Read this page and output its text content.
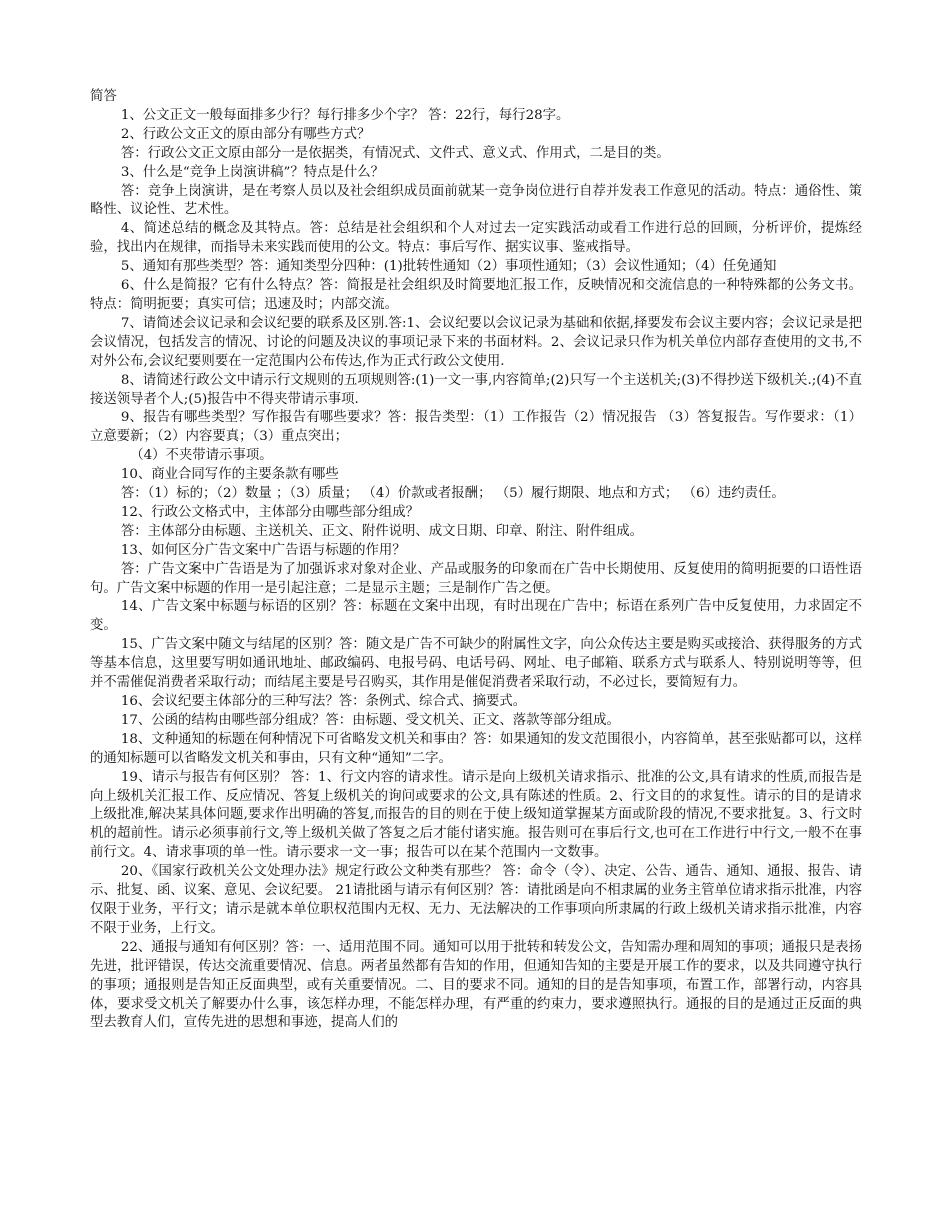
简答

1、公文正文一般每面排多少行？每行排多少个字？ 答：22行，每行28字。

2、行政公文正文的原由部分有哪些方式？

答：行政公文正文原由部分一是依据类，有情况式、文件式、意义式、作用式，二是目的类。

3、什么是“竞争上岗演讲稿”？特点是什么？

答：竞争上岗演讲，是在考察人员以及社会组织成员面前就某一竞争岗位进行自荐并发表工作意见的活动。特点：通俗性、策略性、议论性、艺术性。

4、简述总结的概念及其特点。答：总结是社会组织和个人对过去一定实践活动或看工作进行总的回顾，分析评价，提炼经验，找出内在规律，而指导未来实践而使用的公文。特点：事后写作、据实议事、鉴戒指导。

5、通知有那些类型？答：通知类型分四种：(1)批转性通知（2）事项性通知；（3）会议性通知；（4）任免通知

6、什么是简报？它有什么特点？答：简报是社会组织及时简要地汇报工作，反映情况和交流信息的一种特殊都的公务文书。特点：简明扼要；真实可信；迅速及时；内部交流。

7、请简述会议记录和会议纪要的联系及区别.答:1、会议纪要以会议记录为基础和依据,择要发布会议主要内容；会议记录是把会议情况，包括发言的情况、讨论的问题及决议的事项记录下来的书面材料。2、会议记录只作为机关单位内部存查使用的文书,不对外公布,会议纪要则要在一定范围内公布传达,作为正式行政公文使用.

8、请简述行政公文中请示行文规则的五项规则答:(1)一文一事,内容简单;(2)只写一个主送机关;(3)不得抄送下级机关.;(4)不直接送领导者个人;(5)报告中不得夹带请示事项.

9、报告有哪些类型？写作报告有哪些要求？答：报告类型：（1）工作报告（2）情况报告 （3）答复报告。写作要求：（1）立意要新；（2）内容要真；（3）重点突出；

（4）不夹带请示事项。

10、商业合同写作的主要条款有哪些

答：（1）标的；（2）数量 ；（3）质量； （4）价款或者报酬； （5）履行期限、地点和方式； （6）违约责任。

12、行政公文格式中，主体部分由哪些部分组成？

答：主体部分由标题、主送机关、正文、附件说明、成文日期、印章、附注、附件组成。

13、如何区分广告文案中广告语与标题的作用？

答：广告文案中广告语是为了加强诉求对象对企业、产品或服务的印象而在广告中长期使用、反复使用的简明扼要的口语性语句。广告文案中标题的作用一是引起注意；二是显示主题；三是制作广告之便。

14、广告文案中标题与标语的区别？答：标题在文案中出现，有时出现在广告中；标语在系列广告中反复使用，力求固定不变。

15、广告文案中随文与结尾的区别？答：随文是广告不可缺少的附属性文字，向公众传达主要是购买或接洽、获得服务的方式等基本信息，这里要写明如通讯地址、邮政编码、电报号码、电话号码、网址、电子邮箱、联系方式与联系人、特别说明等等，但并不需催促消费者采取行动；而结尾主要是号召购买，其作用是催促消费者采取行动，不必过长，要简短有力。

16、会议纪要主体部分的三种写法？答：条例式、综合式、摘要式。

17、公函的结构由哪些部分组成？答：由标题、受文机关、正文、落款等部分组成。

18、文种通知的标题在何种情况下可省略发文机关和事由？答：如果通知的发文范围很小，内容简单，甚至张贴都可以，这样的通知标题可以省略发文机关和事由，只有文种“通知”二字。

19、请示与报告有何区别？ 答：1、行文内容的请求性。请示是向上级机关请求指示、批准的公文,具有请求的性质,而报告是向上级机关汇报工作、反应情况、答复上级机关的询问或要求的公文,具有陈述的性质。2、行文目的的求复性。请示的目的是请求上级批准,解决某具体问题,要求作出明确的答复,而报告的目的则在于使上级知道掌握某方面或阶段的情况,不要求批复。3、行文时机的超前性。请示必须事前行文,等上级机关做了答复之后才能付诸实施。报告则可在事后行文,也可在工作进行中行文,一般不在事前行文。4、请求事项的单一性。请示要求一文一事；报告可以在某个范围内一文数事。

20、《国家行政机关公文处理办法》规定行政公文种类有那些？ 答：命令（令）、决定、公告、通告、通知、通报、报告、请示、批复、函、议案、意见、会议纪要。 21请批函与请示有何区别？答：请批函是向不相隶属的业务主管单位请求指示批准，内容仅限于业务，平行文；请示是就本单位职权范围内无权、无力、无法解决的工作事项向所隶属的行政上级机关请求指示批准，内容不限于业务，上行文。

22、通报与通知有何区别？答：一、适用范围不同。通知可以用于批转和转发公文，告知需办理和周知的事项；通报只是表扬先进，批评错误，传达交流重要情况、信息。两者虽然都有告知的作用，但通知告知的主要是开展工作的要求，以及共同遵守执行的事项；通报则是告知正反面典型，或有关重要情况。二、目的要求不同。通知的目的是告知事项，布置工作，部署行动，内容具体，要求受文机关了解要办什么事，该怎样办理，不能怎样办理，有严重的约束力，要求遵照执行。通报的目的是通过正反面的典型去教育人们，宣传先进的思想和事迹，提高人们的
